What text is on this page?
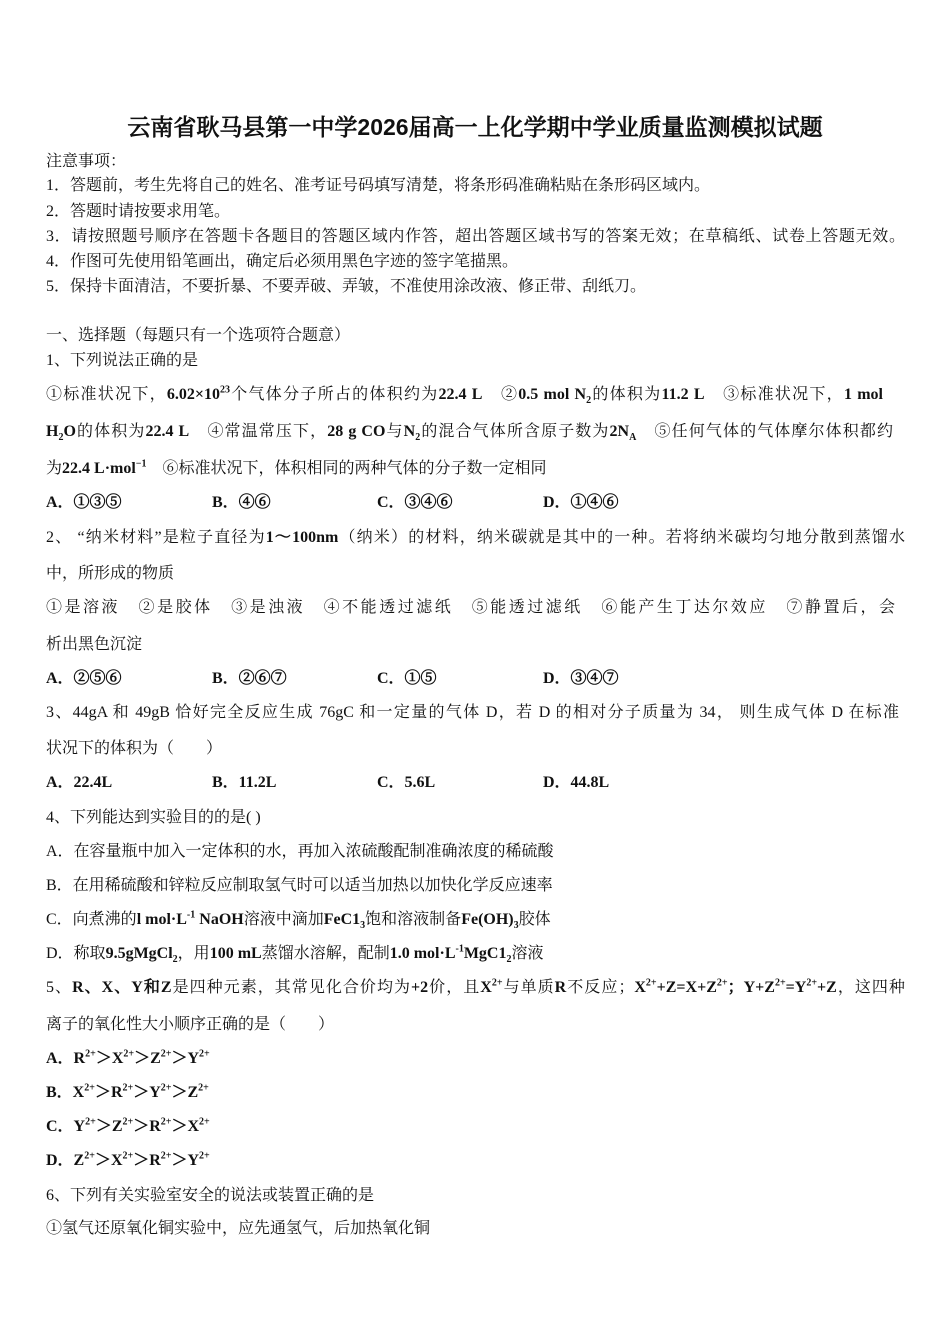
云南省耿马县第一中学2026届高一上化学期中学业质量监测模拟试题
注意事项：
1．答题前，考生先将自己的姓名、准考证号码填写清楚，将条形码准确粘贴在条形码区域内。
2．答题时请按要求用笔。
3．请按照题号顺序在答题卡各题目的答题区域内作答，超出答题区域书写的答案无效；在草稿纸、试卷上答题无效。
4．作图可先使用铅笔画出，确定后必须用黑色字迹的签字笔描黑。
5．保持卡面清洁，不要折暴、不要弄破、弄皱，不准使用涂改液、修正带、刮纸刀。
一、选择题（每题只有一个选项符合题意）
1、下列说法正确的是
①标准状况下，$6.02\times 10^{23}$个气体分子所占的体积约为22.4 L　②0.5 mol $N_2$的体积为11.2 L　③标准状况下，1 mol
$H_2O$的体积为22.4 L　④常温常压下，28 g CO与$N_2$的混合气体所含原子数为$2N_A$　⑤任何气体的气体摩尔体积都约
为22.4 L·mol$^{-1}$　⑥标准状况下，体积相同的两种气体的分子数一定相同
A．①③⑤	B．④⑥	C．③④⑥	D．①④⑥
2、 “纳米材料”是粒子直径为1～100nm（纳米）的材料，纳米碳就是其中的一种。若将纳米碳均匀地分散到蒸馏水
中，所形成的物质
①是溶液　②是胶体　③是浊液　④不能透过滤纸　⑤能透过滤纸　⑥能产生丁达尔效应　⑦静置后，会
析出黑色沉淀
A．②⑤⑥	B．②⑥⑦	C．①⑤	D．③④⑦
3、44gA 和 49gB 恰好完全反应生成 76gC 和一定量的气体 D，若 D 的相对分子质量为 34， 则生成气体 D 在标准
状况下的体积为（　　）
A．22.4L	B．11.2L	C．5.6L	D．44.8L
4、下列能达到实验目的的是( )
A．在容量瓶中加入一定体积的水，再加入浓硫酸配制准确浓度的稀硫酸
B．在用稀硫酸和锌粒反应制取氢气时可以适当加热以加快化学反应速率
C．向煮沸的l $mol\cdot L^{-1}$ NaOH溶液中滴加$FeC1_3$饱和溶液制备$Fe(OH)_3$胶体
D．称取9.5gMgCl$_2$，用100 mL蒸馏水溶解，配制1.0 $mol\cdot L^{-1}MgC1_2$溶液
5、R、X、Y和Z是四种元素，其常见化合价均为+2价，且$X^{2+}$与单质R不反应；$X^{2+}+Z=X+Z^{2+}$；$Y+Z^{2+}=Y^{2+}+Z$，这四种
离子的氧化性大小顺序正确的是（　　）
A．$R^{2+}>X^{2+}>Z^{2+}>Y^{2+}$
B．$X^{2+}>R^{2+}>Y^{2+}>Z^{2+}$
C．$Y^{2+}>Z^{2+}>R^{2+}>X^{2+}$
D．$Z^{2+}>X^{2+}>R^{2+}>Y^{2+}$
6、下列有关实验室安全的说法或装置正确的是
①氢气还原氧化铜实验中，应先通氢气，后加热氧化铜
